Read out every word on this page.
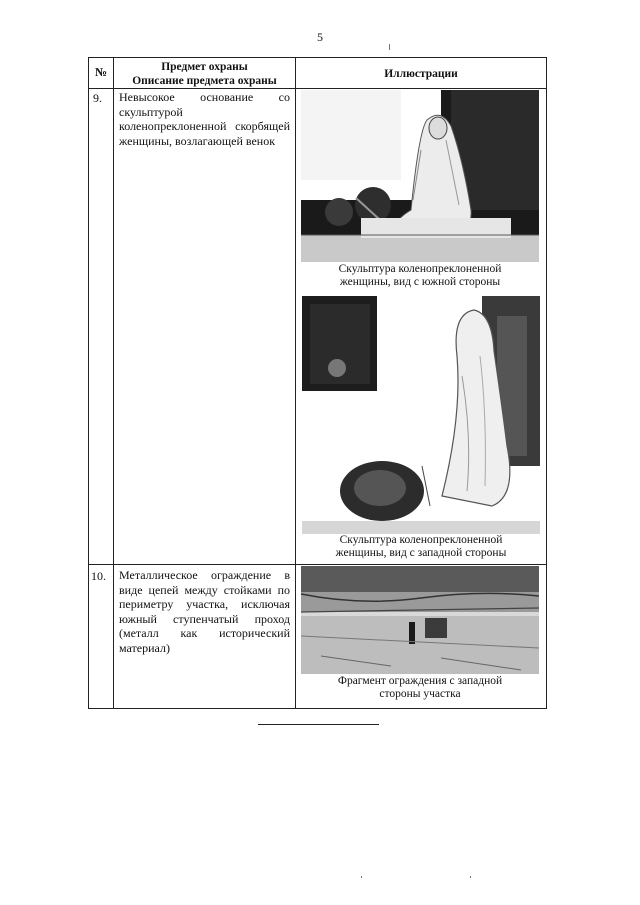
5
№	Предмет охраны
Описание предмета охраны
Иллюстрации
9. Невысокое основание со скульптурой коленопреклоненной скорбящей женщины, возлагающей венок
Скульптура коленопреклоненной женщины, вид с южной стороны
Скульптура коленопреклоненной женщины, вид с западной стороны
10. Металлическое ограждение в виде цепей между стойками по периметру участка, исключая южный ступенчатый проход (металл как исторический материал)
Фрагмент ограждения с западной стороны участка
